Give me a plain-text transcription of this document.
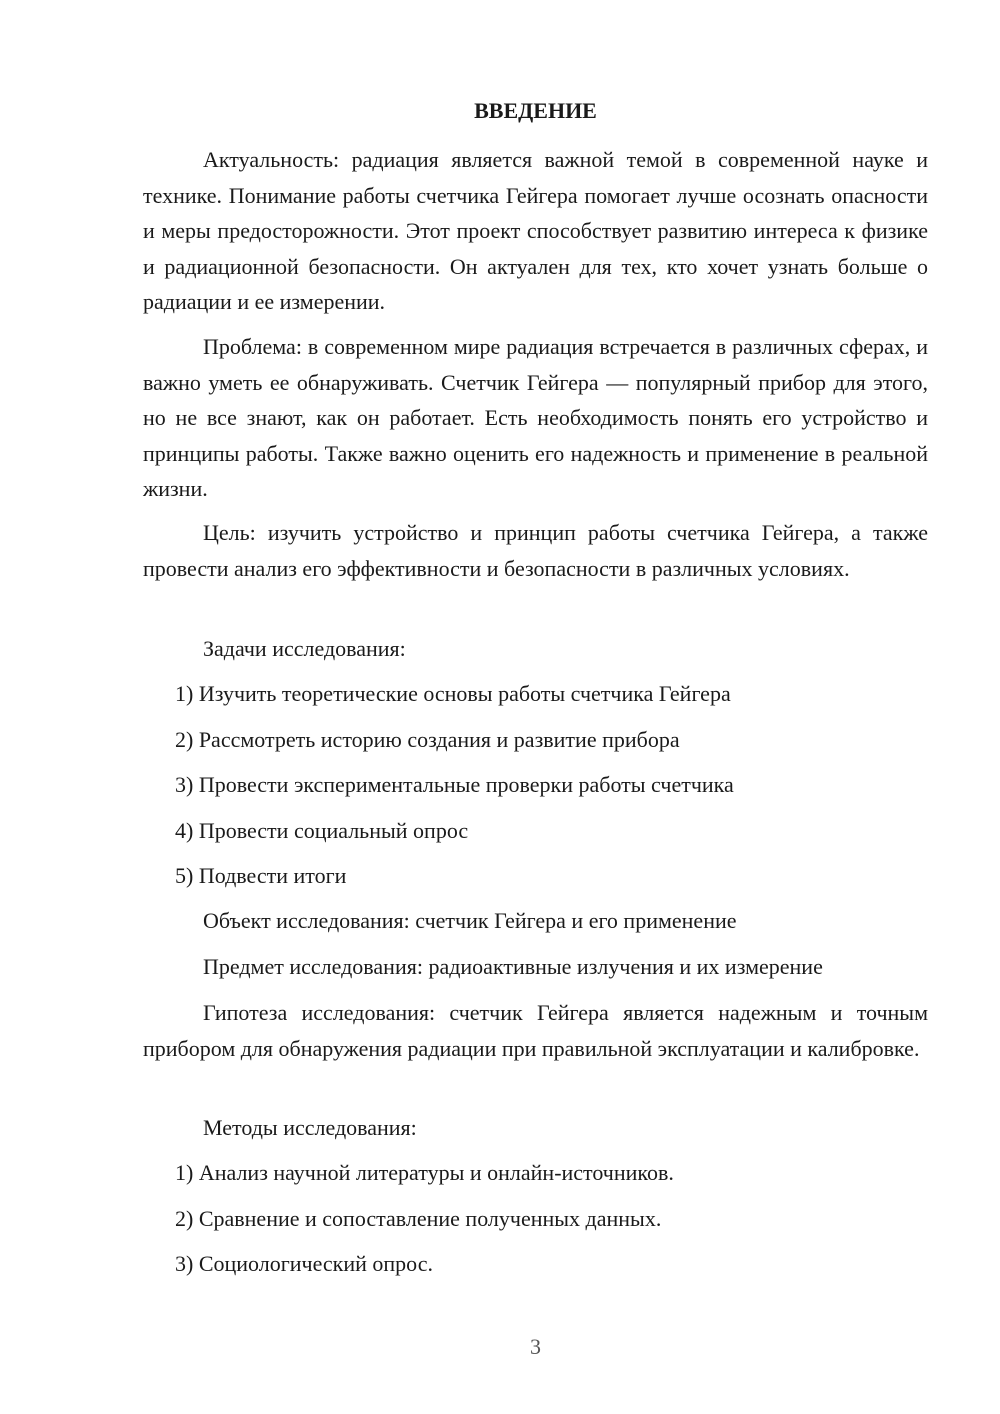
ВВЕДЕНИЕ

Актуальность: радиация является важной темой в современной науке и технике. Понимание работы счетчика Гейгера помогает лучше осознать опасности и меры предосторожности. Этот проект способствует развитию интереса к физике и радиационной безопасности. Он актуален для тех, кто хочет узнать больше о радиации и ее измерении.

Проблема: в современном мире радиация встречается в различных сферах, и важно уметь ее обнаруживать. Счетчик Гейгера — популярный прибор для этого, но не все знают, как он работает. Есть необходимость понять его устройство и принципы работы. Также важно оценить его надежность и применение в реальной жизни.

Цель: изучить устройство и принцип работы счетчика Гейгера, а также провести анализ его эффективности и безопасности в различных условиях.

Задачи исследования:

1) Изучить теоретические основы работы счетчика Гейгера

2) Рассмотреть историю создания и развитие прибора

3) Провести экспериментальные проверки работы счетчика

4) Провести социальный опрос

5) Подвести итоги

Объект исследования: счетчик Гейгера и его применение

Предмет исследования: радиоактивные излучения и их измерение

Гипотеза исследования: счетчик Гейгера является надежным и точным прибором для обнаружения радиации при правильной эксплуатации и калибровке.

Методы исследования:

1) Анализ научной литературы и онлайн-источников.

2) Сравнение и сопоставление полученных данных.

3) Социологический опрос.

3
